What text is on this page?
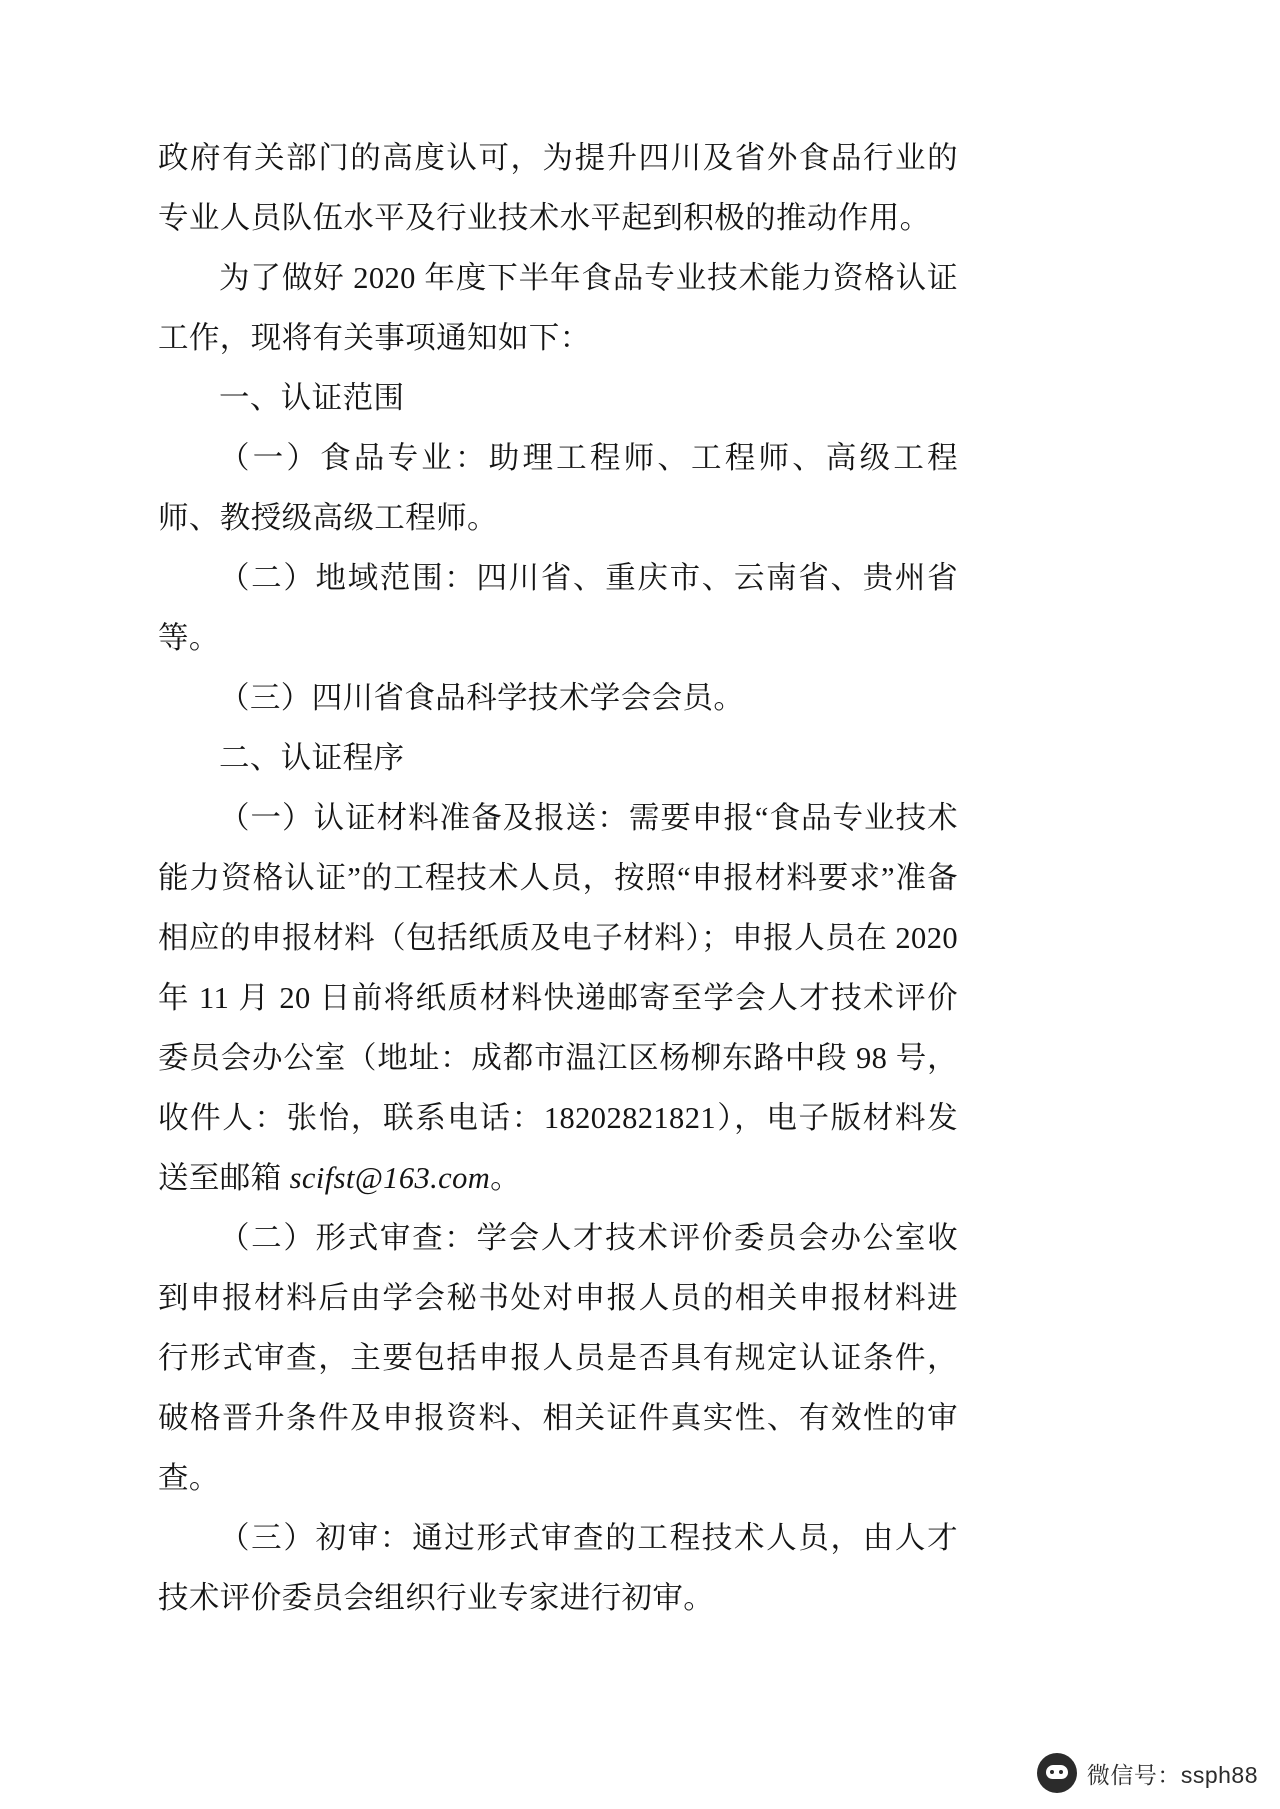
政府有关部门的高度认可，为提升四川及省外食品行业的专业人员队伍水平及行业技术水平起到积极的推动作用。

为了做好 2020 年度下半年食品专业技术能力资格认证工作，现将有关事项通知如下：

一、认证范围

（一）食品专业：助理工程师、工程师、高级工程师、教授级高级工程师。

（二）地域范围：四川省、重庆市、云南省、贵州省等。

（三）四川省食品科学技术学会会员。

二、认证程序

（一）认证材料准备及报送：需要申报“食品专业技术能力资格认证”的工程技术人员，按照“申报材料要求”准备相应的申报材料（包括纸质及电子材料）；申报人员在 2020 年 11 月 20 日前将纸质材料快递邮寄至学会人才技术评价委员会办公室（地址：成都市温江区杨柳东路中段 98 号，收件人：张怡，联系电话：18202821821），电子版材料发送至邮箱 scifst@163.com。

（二）形式审查：学会人才技术评价委员会办公室收到申报材料后由学会秘书处对申报人员的相关申报材料进行形式审查，主要包括申报人员是否具有规定认证条件，破格晋升条件及申报资料、相关证件真实性、有效性的审查。

（三）初审：通过形式审查的工程技术人员，由人才技术评价委员会组织行业专家进行初审。

微信号：ssph88
